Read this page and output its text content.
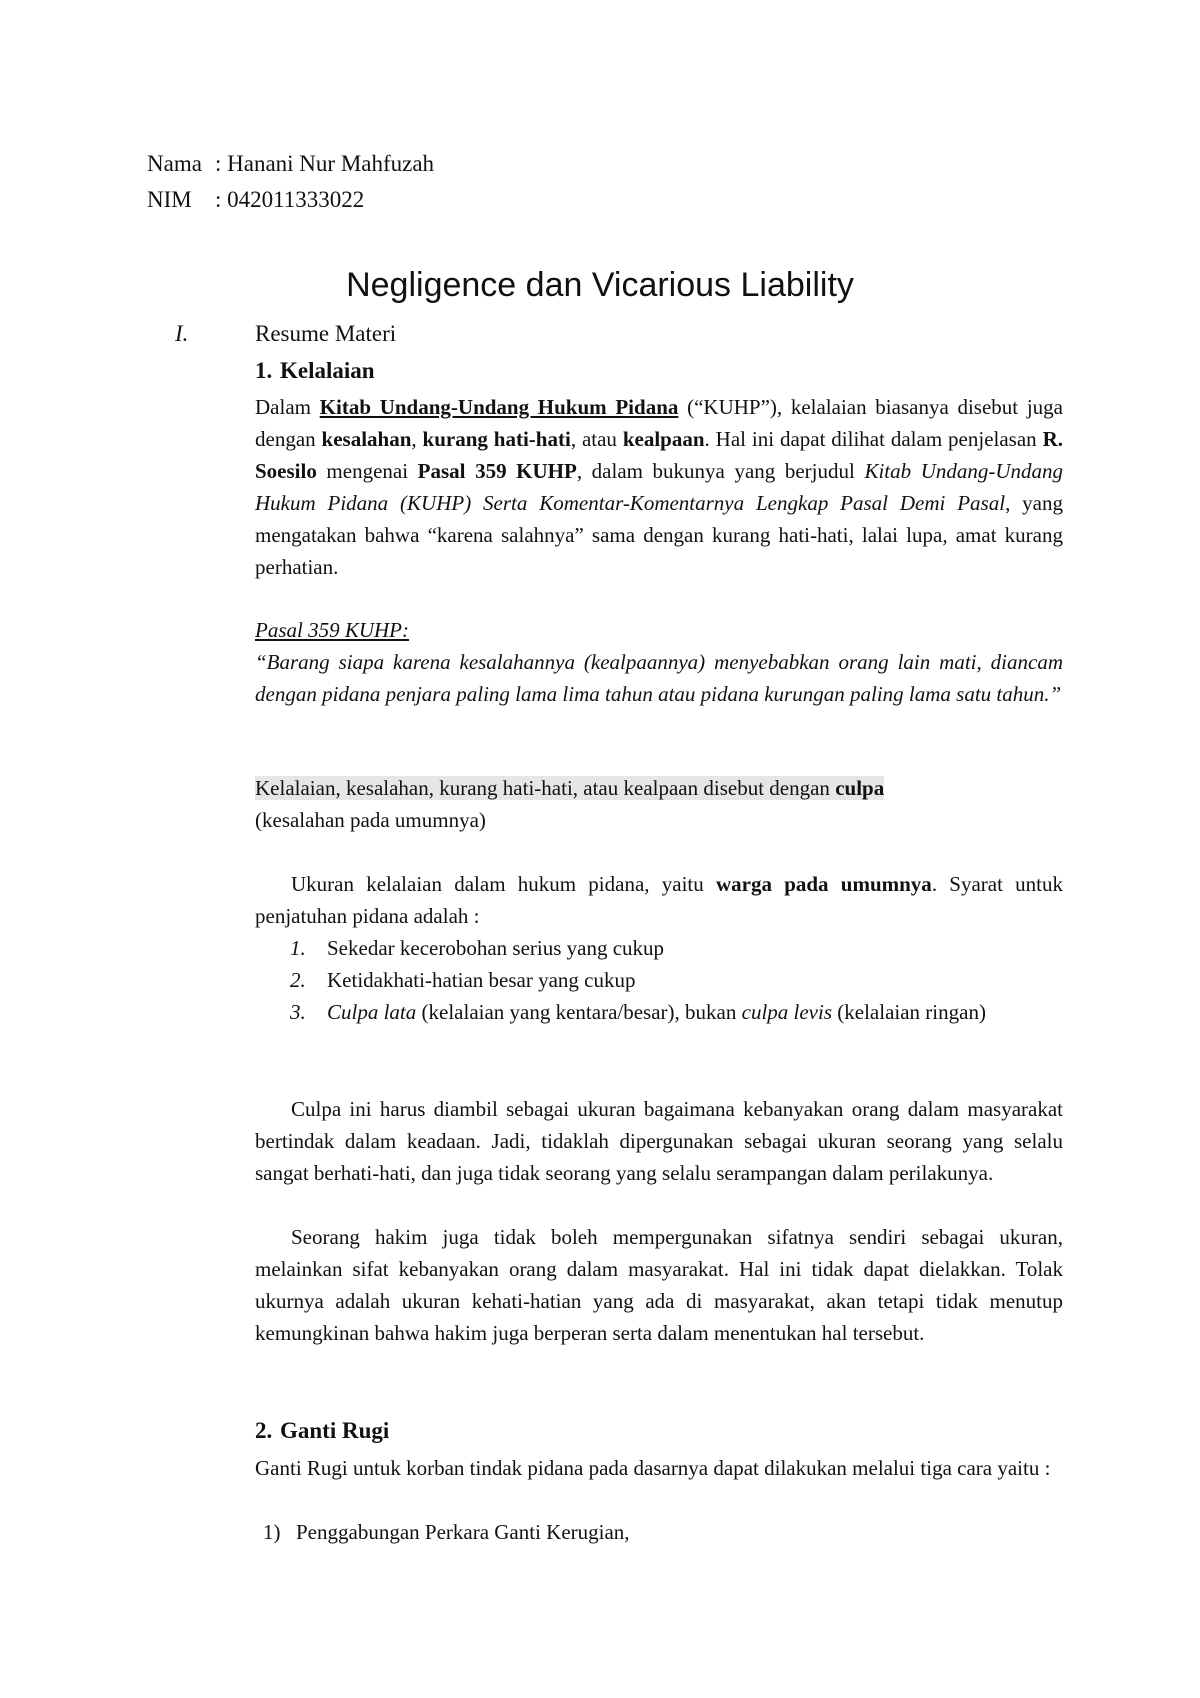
Nama : Hanani Nur Mahfuzah
NIM : 042011333022
Negligence dan Vicarious Liability
I.	Resume Materi
1. Kelalaian
Dalam Kitab Undang-Undang Hukum Pidana (“KUHP”), kelalaian biasanya disebut juga dengan kesalahan, kurang hati-hati, atau kealpaan. Hal ini dapat dilihat dalam penjelasan R. Soesilo mengenai Pasal 359 KUHP, dalam bukunya yang berjudul Kitab Undang-Undang Hukum Pidana (KUHP) Serta Komentar-Komentarnya Lengkap Pasal Demi Pasal, yang mengatakan bahwa “karena salahnya” sama dengan kurang hati-hati, lalai lupa, amat kurang perhatian.
Pasal 359 KUHP:
“Barang siapa karena kesalahannya (kealpaannya) menyebabkan orang lain mati, diancam dengan pidana penjara paling lama lima tahun atau pidana kurungan paling lama satu tahun.”
Kelalaian, kesalahan, kurang hati-hati, atau kealpaan disebut dengan culpa
(kesalahan pada umumnya)
Ukuran kelalaian dalam hukum pidana, yaitu warga pada umumnya. Syarat untuk penjatuhan pidana adalah :
1. Sekedar kecerobohan serius yang cukup
2. Ketidakhati-hatian besar yang cukup
3. Culpa lata (kelalaian yang kentara/besar), bukan culpa levis (kelalaian ringan)
Culpa ini harus diambil sebagai ukuran bagaimana kebanyakan orang dalam masyarakat bertindak dalam keadaan. Jadi, tidaklah dipergunakan sebagai ukuran seorang yang selalu sangat berhati-hati, dan juga tidak seorang yang selalu serampangan dalam perilakunya.
Seorang hakim juga tidak boleh mempergunakan sifatnya sendiri sebagai ukuran, melainkan sifat kebanyakan orang dalam masyarakat. Hal ini tidak dapat dielakkan. Tolak ukurnya adalah ukuran kehati-hatian yang ada di masyarakat, akan tetapi tidak menutup kemungkinan bahwa hakim juga berperan serta dalam menentukan hal tersebut.
2. Ganti Rugi
Ganti Rugi untuk korban tindak pidana pada dasarnya dapat dilakukan melalui tiga cara yaitu :
1) Penggabungan Perkara Ganti Kerugian,
